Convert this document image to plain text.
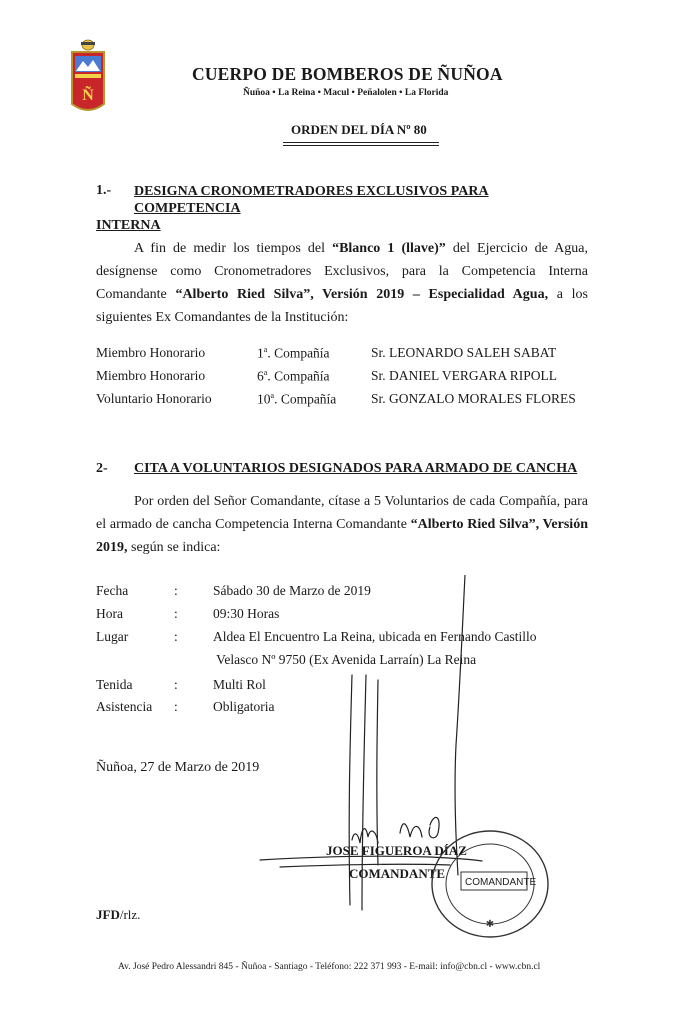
Ñ
CUERPO DE BOMBEROS DE ÑUÑOA
Ñuñoa • La Reina • Macul • Peñalolen • La Florida
ORDEN DEL DÍA Nº 80
1.- DESIGNA CRONOMETRADORES EXCLUSIVOS PARA COMPETENCIA
INTERNA
A fin de medir los tiempos del “Blanco 1 (llave)” del Ejercicio de Agua, desígnense como Cronometradores Exclusivos, para la Competencia Interna Comandante “Alberto Ried Silva”, Versión 2019 – Especialidad Agua, a los siguientes Ex Comandantes de la Institución:
Miembro Honorario	1$^a$. Compañía	Sr. LEONARDO SALEH SABAT
Miembro Honorario	6$^a$. Compañía	Sr. DANIEL VERGARA RIPOLL
Voluntario Honorario	10$^a$. Compañía	Sr. GONZALO MORALES FLORES
2- CITA A VOLUNTARIOS DESIGNADOS PARA ARMADO DE CANCHA
Por orden del Señor Comandante, cítase a 5 Voluntarios de cada Compañía, para el armado de cancha Competencia Interna Comandante “Alberto Ried Silva”, Versión 2019, según se indica:
Fecha	:	Sábado 30 de Marzo de 2019
Hora	:	09:30 Horas
Lugar	:	Aldea El Encuentro La Reina, ubicada en Fernando Castillo
Velasco Nº 9750 (Ex Avenida Larraín) La Reina
Tenida	:	Multi Rol
Asistencia :	Obligatoria
Ñuñoa, 27 de Marzo de 2019
JOSE FIGUEROA DÍAZ
COMANDANTE
✱
COMANDANTE
JFD/rlz.
Av. José Pedro Alessandri 845 - Ñuñoa - Santiago - Teléfono: 222 371 993 - E-mail: info@cbn.cl - www.cbn.cl
